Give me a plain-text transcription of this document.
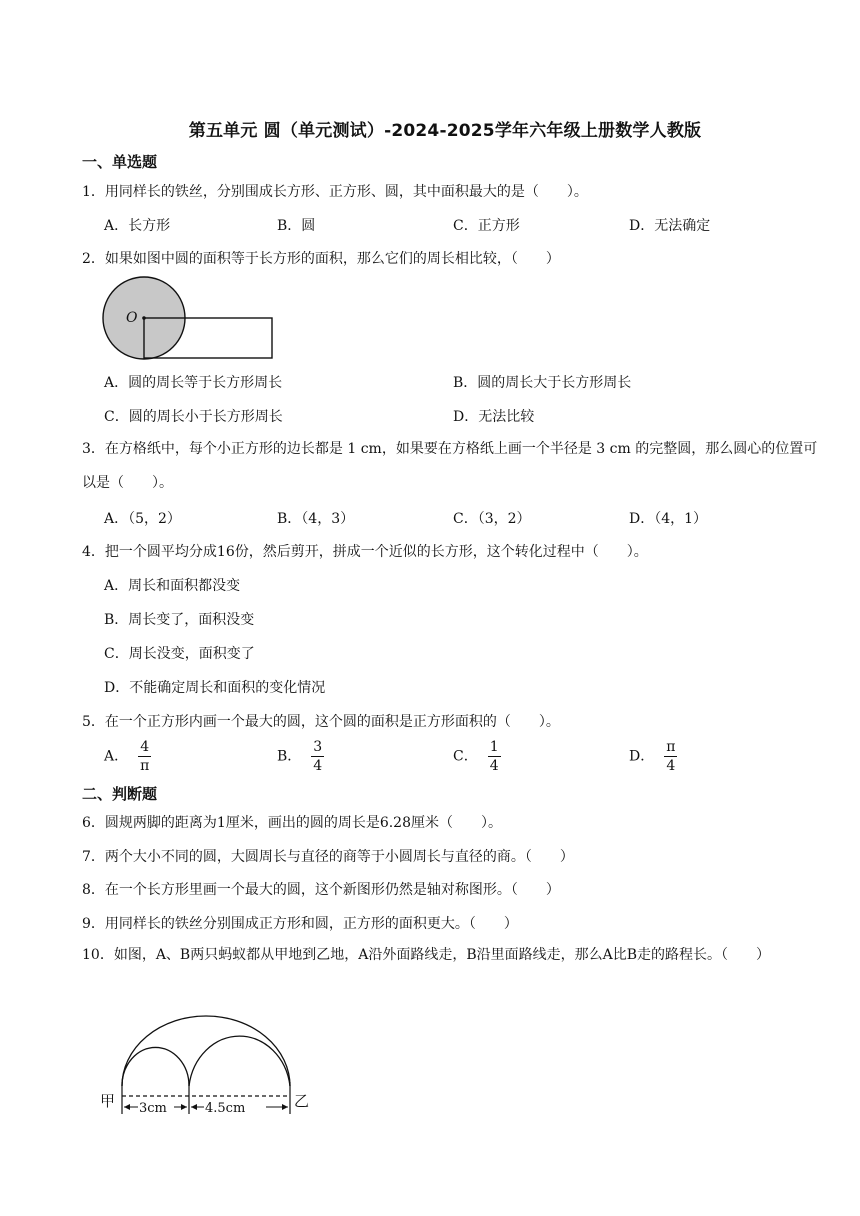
第五单元 圆（单元测试）-2024-2025学年六年级上册数学人教版
一、单选题
1．用同样长的铁丝，分别围成长方形、正方形、圆，其中面积最大的是（　　）。
A．长方形	B．圆	C．正方形	D．无法确定
2．如果如图中圆的面积等于长方形的面积，那么它们的周长相比较，（　　）
O
A．圆的周长等于长方形周长	B．圆的周长大于长方形周长
C．圆的周长小于长方形周长	D．无法比较
3．在方格纸中，每个小正方形的边长都是 1 cm，如果要在方格纸上画一个半径是 3 cm 的完整圆，那么圆心的位置可以是（　　）。
A．（5，2）	B．（4，3）	C．（3，2）	D．（4，1）
4．把一个圆平均分成16份，然后剪开，拼成一个近似的长方形，这个转化过程中（　　）。
A．周长和面积都没变
B．周长变了，面积没变
C．周长没变，面积变了
D．不能确定周长和面积的变化情况
5．在一个正方形内画一个最大的圆，这个圆的面积是正方形面积的（　　）。
A． $\frac{4}{\pi}$	B． $\frac{3}{4}$	C． $\frac{1}{4}$	D． $\frac{\pi}{4}$
二、判断题
6．圆规两脚的距离为1厘米，画出的圆的周长是6.28厘米（　　）。
7．两个大小不同的圆，大圆周长与直径的商等于小圆周长与直径的商。（　　）
8．在一个长方形里画一个最大的圆，这个新图形仍然是轴对称图形。（　　）
9．用同样长的铁丝分别围成正方形和圆，正方形的面积更大。（　　）
10．如图，A、B两只蚂蚁都从甲地到乙地，A沿外面路线走，B沿里面路线走，那么A比B走的路程长。（　　）
3cm	4.5cm
甲	乙
